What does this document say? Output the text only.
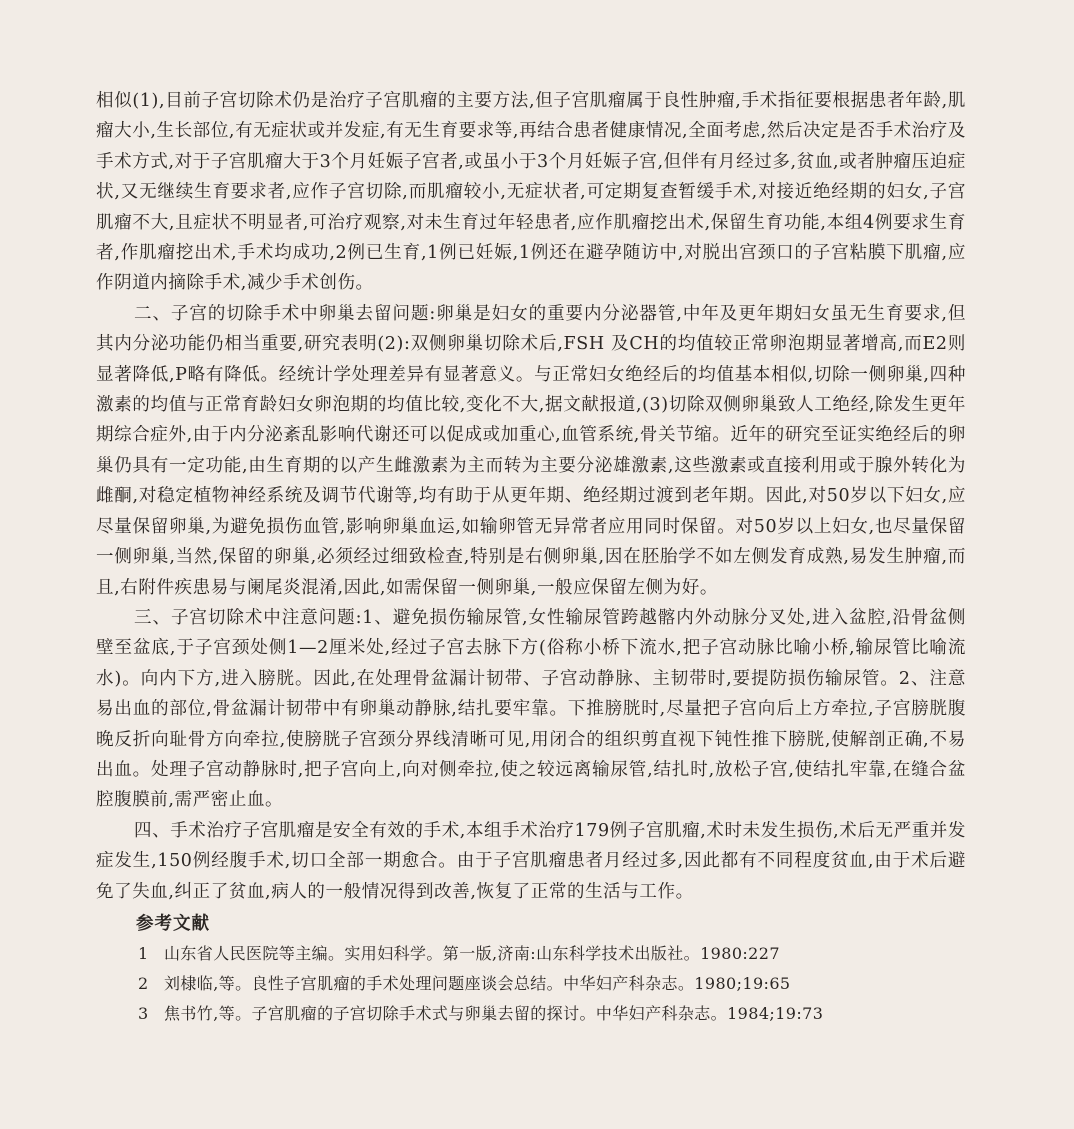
相似(1),目前子宫切除术仍是治疗子宫肌瘤的主要方法,但子宫肌瘤属于良性肿瘤,手术指征要根据患者年龄,肌瘤大小,生长部位,有无症状或并发症,有无生育要求等,再结合患者健康情况,全面考虑,然后决定是否手术治疗及手术方式,对于子宫肌瘤大于3个月妊娠子宫者,或虽小于3个月妊娠子宫,但伴有月经过多,贫血,或者肿瘤压迫症状,又无继续生育要求者,应作子宫切除,而肌瘤较小,无症状者,可定期复查暂缓手术,对接近绝经期的妇女,子宫肌瘤不大,且症状不明显者,可治疗观察,对未生育过年轻患者,应作肌瘤挖出术,保留生育功能,本组4例要求生育者,作肌瘤挖出术,手术均成功,2例已生育,1例已妊娠,1例还在避孕随访中,对脱出宫颈口的子宫粘膜下肌瘤,应作阴道内摘除手术,减少手术创伤。

二、子宫的切除手术中卵巢去留问题:卵巢是妇女的重要内分泌器管,中年及更年期妇女虽无生育要求,但其内分泌功能仍相当重要,研究表明(2):双侧卵巢切除术后,FSH 及CH的均值较正常卵泡期显著增高,而E2则显著降低,P略有降低。经统计学处理差异有显著意义。与正常妇女绝经后的均值基本相似,切除一侧卵巢,四种激素的均值与正常育龄妇女卵泡期的均值比较,变化不大,据文献报道,(3)切除双侧卵巢致人工绝经,除发生更年期综合症外,由于内分泌紊乱影响代谢还可以促成或加重心,血管系统,骨关节缩。近年的研究至证实绝经后的卵巢仍具有一定功能,由生育期的以产生雌激素为主而转为主要分泌雄激素,这些激素或直接利用或于腺外转化为雌酮,对稳定植物神经系统及调节代谢等,均有助于从更年期、绝经期过渡到老年期。因此,对50岁以下妇女,应尽量保留卵巢,为避免损伤血管,影响卵巢血运,如输卵管无异常者应用同时保留。对50岁以上妇女,也尽量保留一侧卵巢,当然,保留的卵巢,必须经过细致检查,特别是右侧卵巢,因在胚胎学不如左侧发育成熟,易发生肿瘤,而且,右附件疾患易与阑尾炎混淆,因此,如需保留一侧卵巢,一般应保留左侧为好。

三、子宫切除术中注意问题:1、避免损伤输尿管,女性输尿管跨越髂内外动脉分叉处,进入盆腔,沿骨盆侧壁至盆底,于子宫颈处侧1—2厘米处,经过子宫去脉下方(俗称小桥下流水,把子宫动脉比喻小桥,输尿管比喻流水)。向内下方,进入膀胱。因此,在处理骨盆漏计韧带、子宫动静脉、主韧带时,要提防损伤输尿管。2、注意易出血的部位,骨盆漏计韧带中有卵巢动静脉,结扎要牢靠。下推膀胱时,尽量把子宫向后上方牵拉,子宫膀胱腹晚反折向耻骨方向牵拉,使膀胱子宫颈分界线清晰可见,用闭合的组织剪直视下钝性推下膀胱,使解剖正确,不易出血。处理子宫动静脉时,把子宫向上,向对侧牵拉,使之较远离输尿管,结扎时,放松子宫,使结扎牢靠,在缝合盆腔腹膜前,需严密止血。

四、手术治疗子宫肌瘤是安全有效的手术,本组手术治疗179例子宫肌瘤,术时未发生损伤,术后无严重并发症发生,150例经腹手术,切口全部一期愈合。由于子宫肌瘤患者月经过多,因此都有不同程度贫血,由于术后避免了失血,纠正了贫血,病人的一般情况得到改善,恢复了正常的生活与工作。

参考文献
1 山东省人民医院等主编。实用妇科学。第一版,济南:山东科学技术出版社。1980:227
2 刘棣临,等。良性子宫肌瘤的手术处理问题座谈会总结。中华妇产科杂志。1980;19:65
3 焦书竹,等。子宫肌瘤的子宫切除手术式与卵巢去留的探讨。中华妇产科杂志。1984;19:73
